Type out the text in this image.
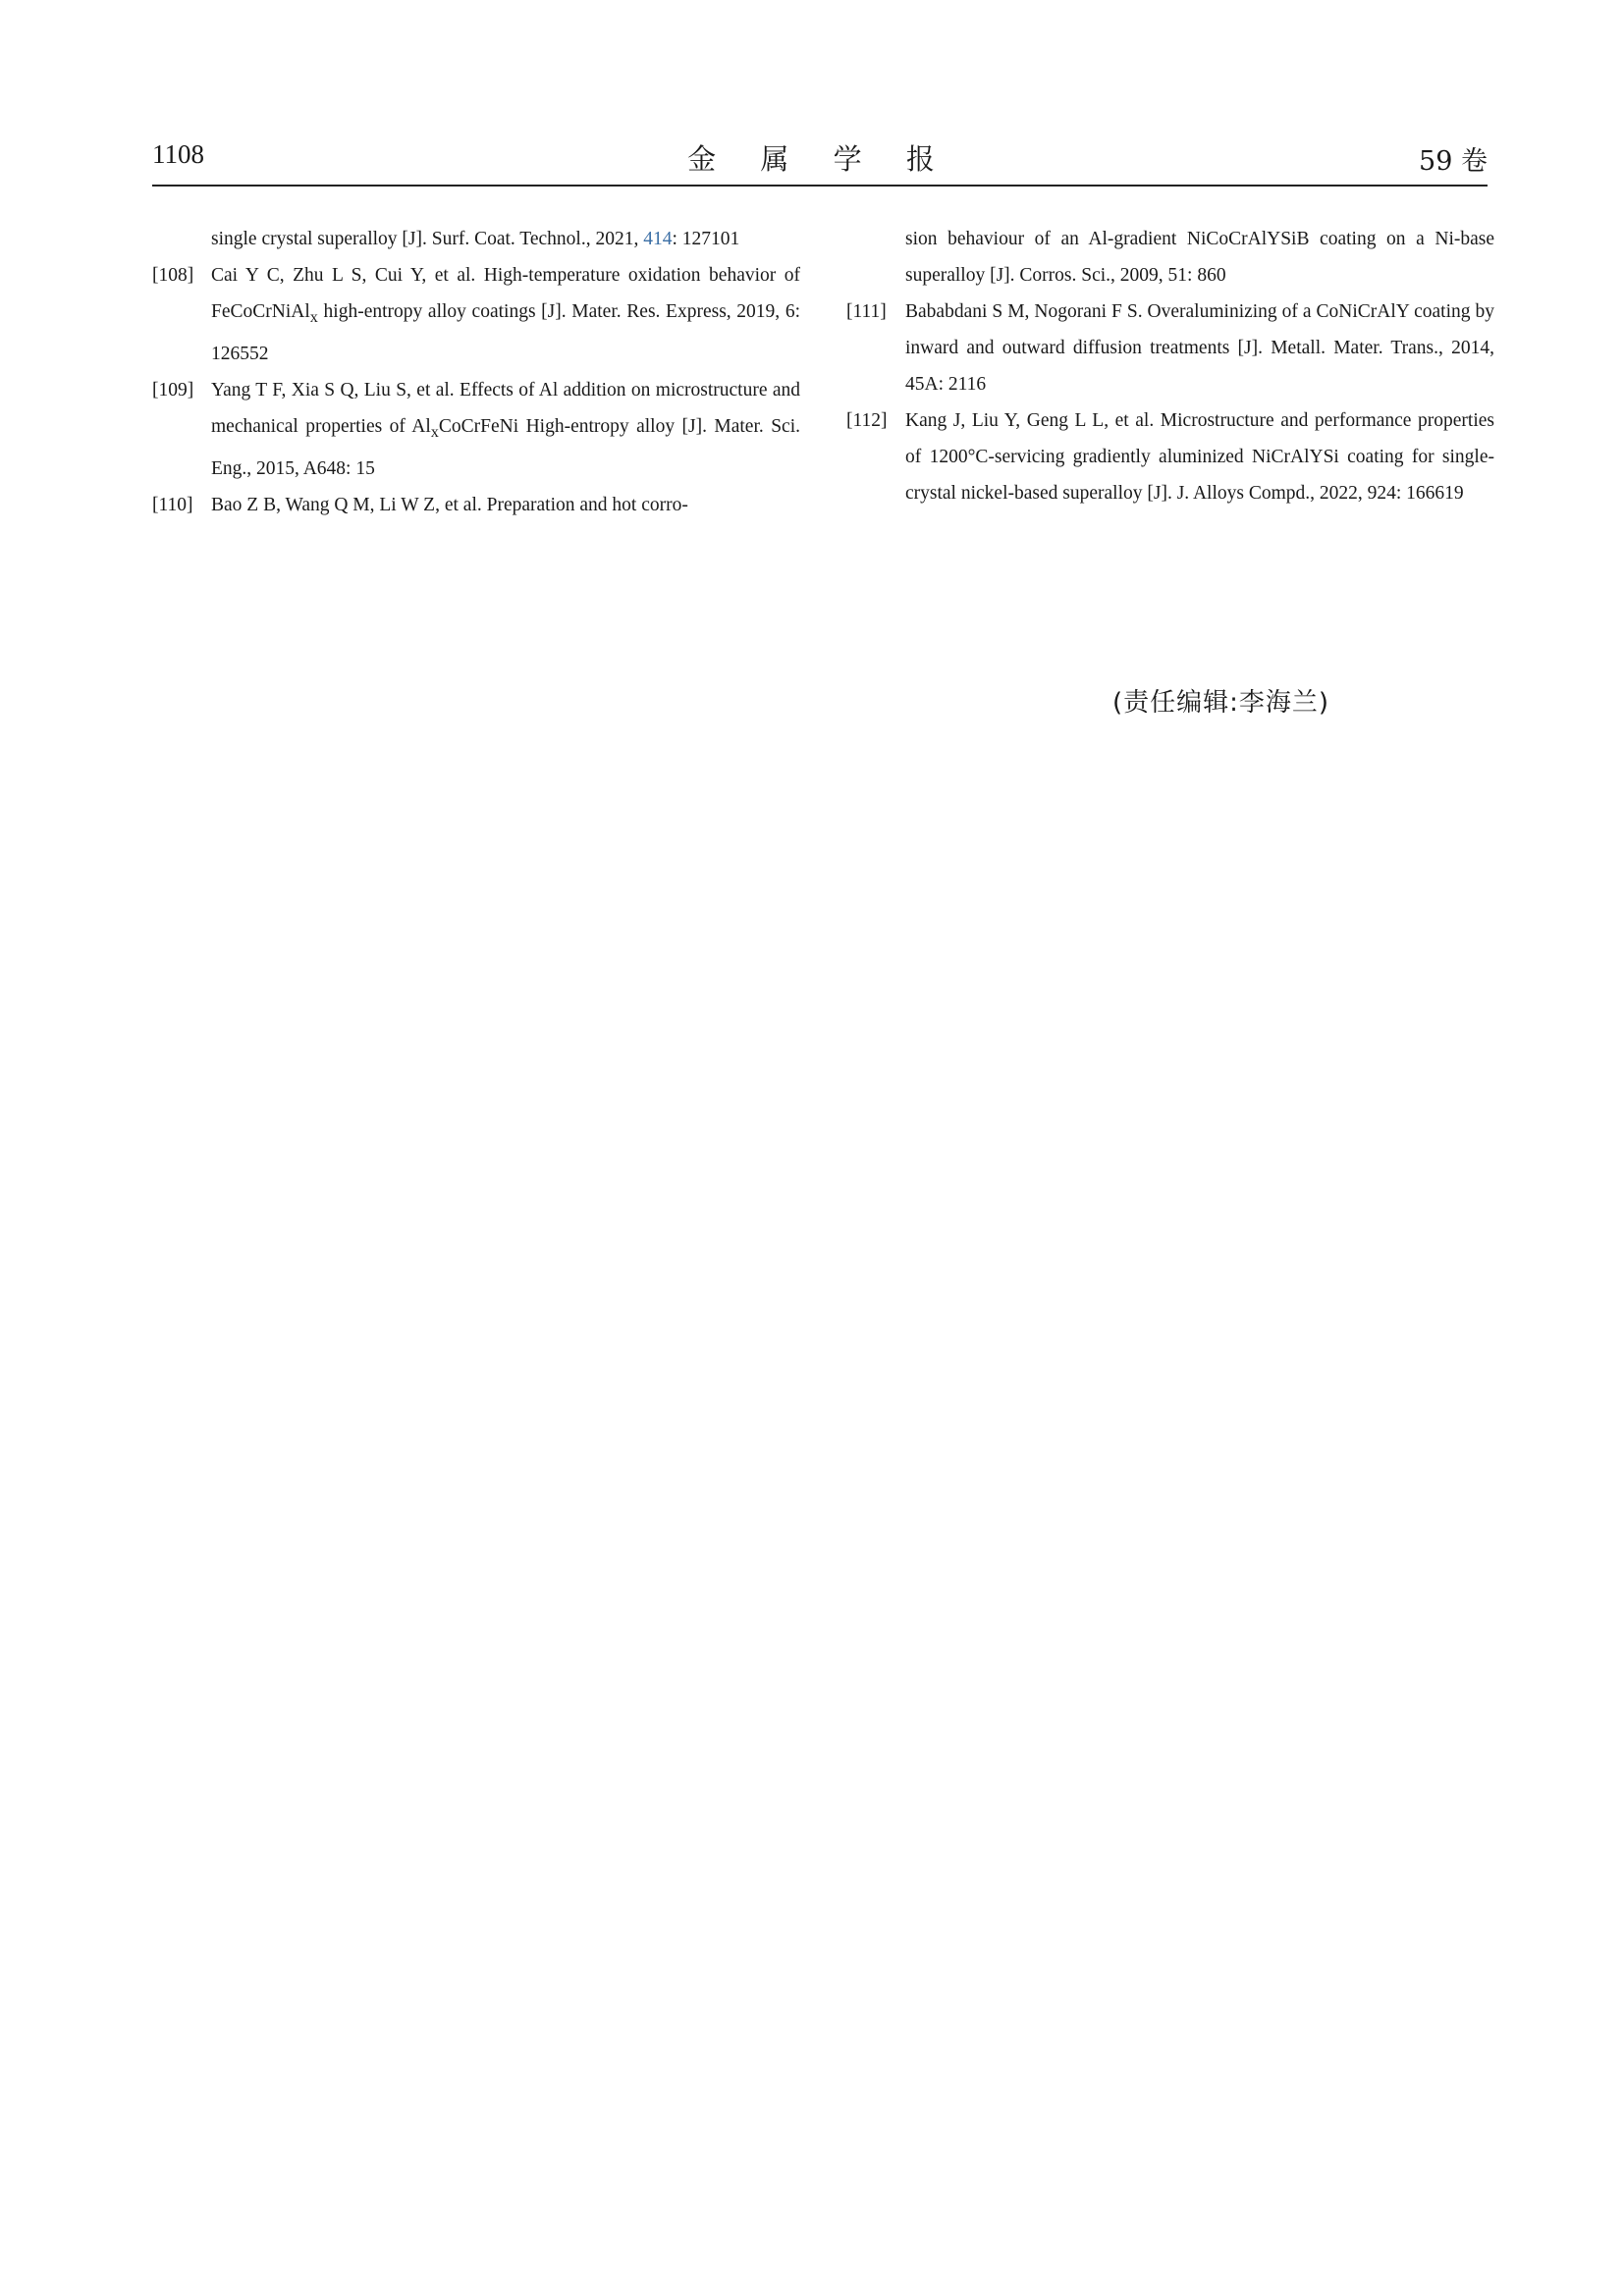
1108	金 属 学 报	59 卷
single crystal superalloy [J]. Surf. Coat. Technol., 2021, 414: 127101
[108] Cai Y C, Zhu L S, Cui Y, et al. High-temperature oxidation behavior of FeCoCrNiAl$_x$ high-entropy alloy coatings [J]. Mater. Res. Express, 2019, 6: 126552
[109] Yang T F, Xia S Q, Liu S, et al. Effects of Al addition on microstructure and mechanical properties of $Al_xCoCrFeNi$ High-entropy alloy [J]. Mater. Sci. Eng., 2015, A648: 15
[110] Bao Z B, Wang Q M, Li W Z, et al. Preparation and hot corro-
sion behaviour of an Al-gradient NiCoCrAlYSiB coating on a Ni-base superalloy [J]. Corros. Sci., 2009, 51: 860
[111] Bababdani S M, Nogorani F S. Overaluminizing of a CoNiCrAlY coating by inward and outward diffusion treatments [J]. Metall. Mater. Trans., 2014, 45A: 2116
[112] Kang J, Liu Y, Geng L L, et al. Microstructure and performance properties of 1200°C-servicing gradiently aluminized NiCrAlYSi coating for single-crystal nickel-based superalloy [J]. J. Alloys Compd., 2022, 924: 166619
(责任编辑:李海兰)
